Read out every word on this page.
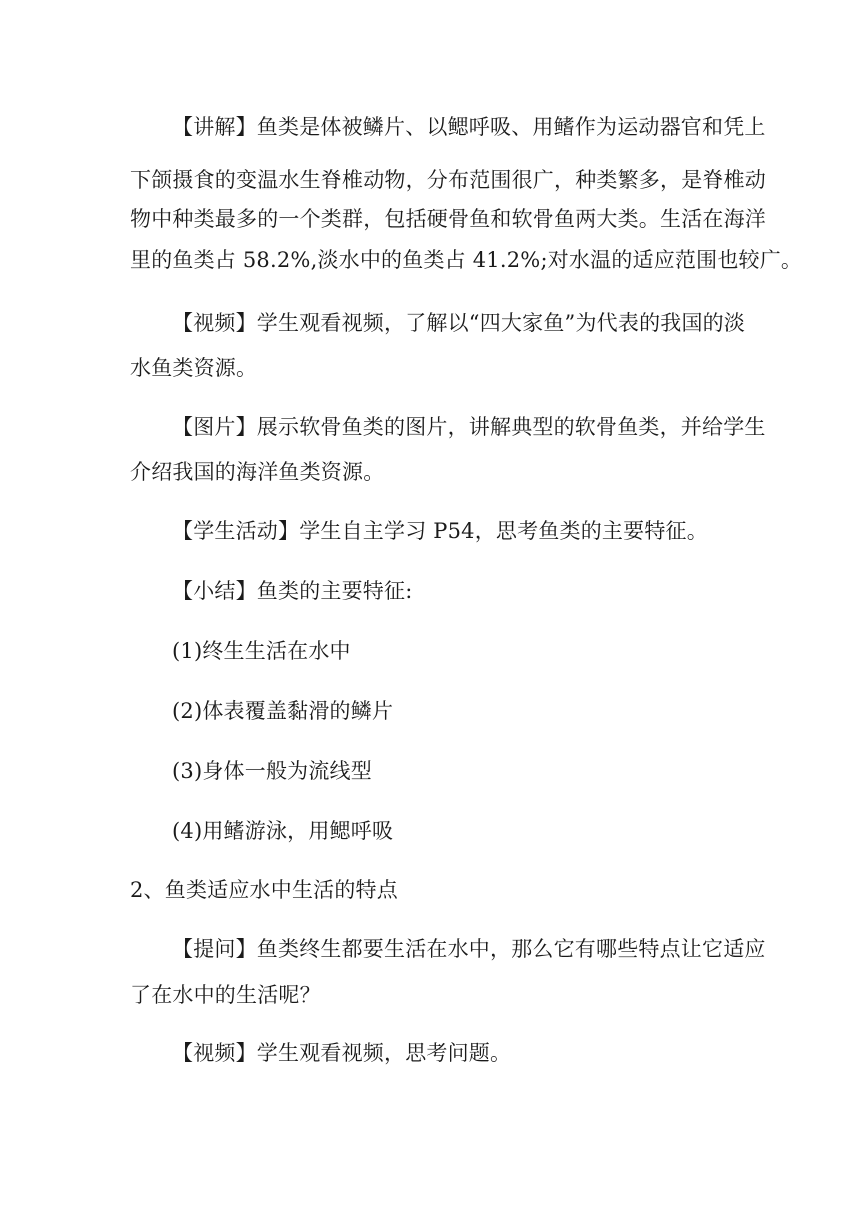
【讲解】鱼类是体被鳞片、以鳃呼吸、用鳍作为运动器官和凭上
下颌摄食的变温水生脊椎动物，分布范围很广，种类繁多，是脊椎动
物中种类最多的一个类群，包括硬骨鱼和软骨鱼两大类。生活在海洋
里的鱼类占 58.2%,淡水中的鱼类占 41.2%;对水温的适应范围也较广。
【视频】学生观看视频，了解以“四大家鱼”为代表的我国的淡
水鱼类资源。
【图片】展示软骨鱼类的图片，讲解典型的软骨鱼类，并给学生
介绍我国的海洋鱼类资源。
【学生活动】学生自主学习 P54，思考鱼类的主要特征。
【小结】鱼类的主要特征:
(1)终生生活在水中
(2)体表覆盖黏滑的鳞片
(3)身体一般为流线型
(4)用鳍游泳，用鳃呼吸
2、鱼类适应水中生活的特点
【提问】鱼类终生都要生活在水中，那么它有哪些特点让它适应
了在水中的生活呢？
【视频】学生观看视频，思考问题。
